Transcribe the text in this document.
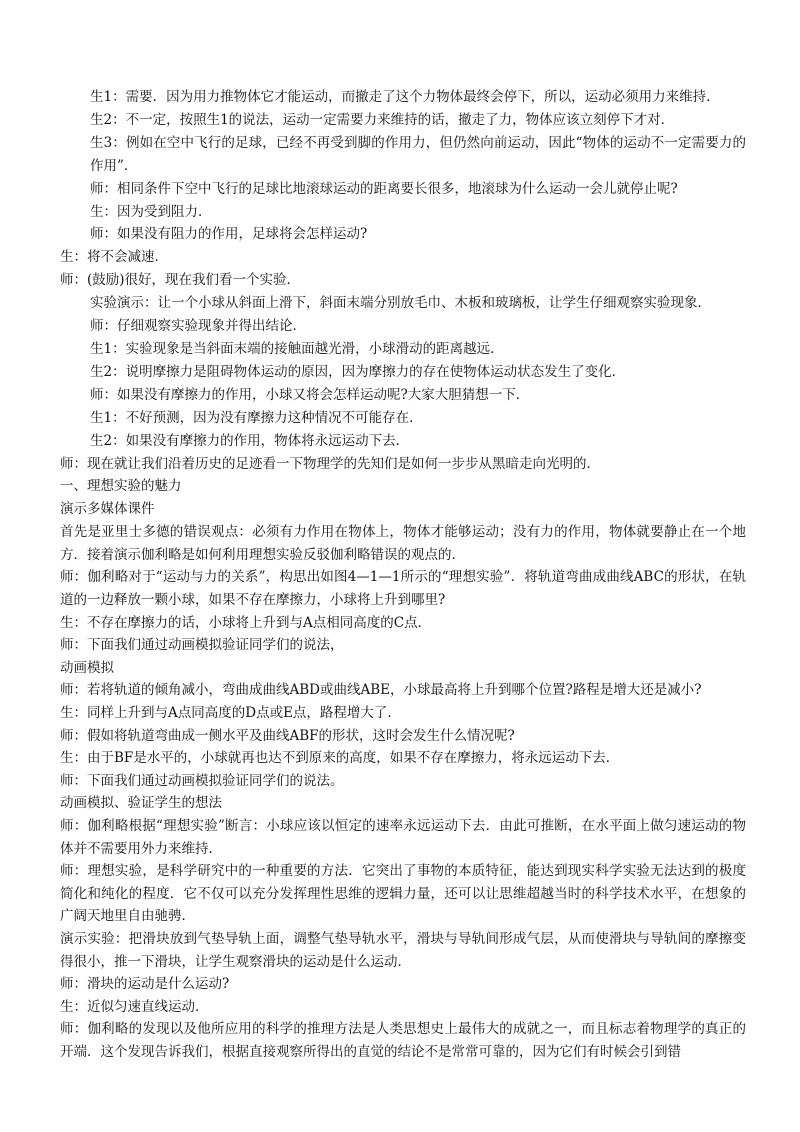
生1：需要．因为用力推物体它才能运动，而撤走了这个力物体最终会停下，所以，运动必须用力来维持．

生2：不一定，按照生1的说法，运动一定需要力来维持的话，撤走了力，物体应该立刻停下才对．

生3：例如在空中飞行的足球，已经不再受到脚的作用力，但仍然向前运动，因此“物体的运动不一定需要力的作用”．

师：相同条件下空中飞行的足球比地滚球运动的距离要长很多，地滚球为什么运动一会儿就停止呢?

生：因为受到阻力．

师：如果没有阻力的作用，足球将会怎样运动?

生：将不会减速．

师：(鼓励)很好，现在我们看一个实验．

实验演示：让一个小球从斜面上滑下，斜面末端分别放毛巾、木板和玻璃板，让学生仔细观察实验现象．

师：仔细观察实验现象并得出结论．

生1：实验现象是当斜面末端的接触面越光滑，小球滑动的距离越远．

生2：说明摩擦力是阻碍物体运动的原因，因为摩擦力的存在使物体运动状态发生了变化．

师：如果没有摩擦力的作用，小球又将会怎样运动呢?大家大胆猜想一下．

生1：不好预测，因为没有摩擦力这种情况不可能存在．

生2：如果没有摩擦力的作用，物体将永远运动下去．

师：现在就让我们沿着历史的足迹看一下物理学的先知们是如何一步步从黑暗走向光明的．

一、理想实验的魅力

演示多媒体课件

首先是亚里士多德的错误观点：必须有力作用在物体上，物体才能够运动；没有力的作用，物体就要静止在一个地方．接着演示伽利略是如何利用理想实验反驳伽利略错误的观点的．

师：伽利略对于“运动与力的关系”，构思出如图4—1—1所示的“理想实验”．将轨道弯曲成曲线ABC的形状，在轨道的一边释放一颗小球，如果不存在摩擦力，小球将上升到哪里?

生：不存在摩擦力的话，小球将上升到与A点相同高度的C点．

师：下面我们通过动画模拟验证同学们的说法，

动画模拟

师：若将轨道的倾角减小，弯曲成曲线ABD或曲线ABE，小球最高将上升到哪个位置?路程是增大还是减小?

生：同样上升到与A点同高度的D点或E点，路程增大了．

师：假如将轨道弯曲成一侧水平及曲线ABF的形状，这时会发生什么情况呢?

生：由于BF是水平的，小球就再也达不到原来的高度，如果不存在摩擦力，将永远运动下去．

师：下面我们通过动画模拟验证同学们的说法。

动画模拟、验证学生的想法

师：伽利略根据“理想实验”断言：小球应该以恒定的速率永远运动下去．由此可推断，在水平面上做匀速运动的物体并不需要用外力来维持．

师：理想实验，是科学研究中的一种重要的方法．它突出了事物的本质特征，能达到现实科学实验无法达到的极度简化和纯化的程度．它不仅可以充分发挥理性思维的逻辑力量，还可以让思维超越当时的科学技术水平，在想象的广阔天地里自由驰骋．

演示实验：把滑块放到气垫导轨上面，调整气垫导轨水平，滑块与导轨间形成气层，从而使滑块与导轨间的摩擦变得很小，推一下滑块，让学生观察滑块的运动是什么运动．

师：滑块的运动是什么运动?

生：近似匀速直线运动．

师：伽利略的发现以及他所应用的科学的推理方法是人类思想史上最伟大的成就之一，而且标志着物理学的真正的开端．这个发现告诉我们，根据直接观察所得出的直觉的结论不是常常可靠的，因为它们有时候会引到错
